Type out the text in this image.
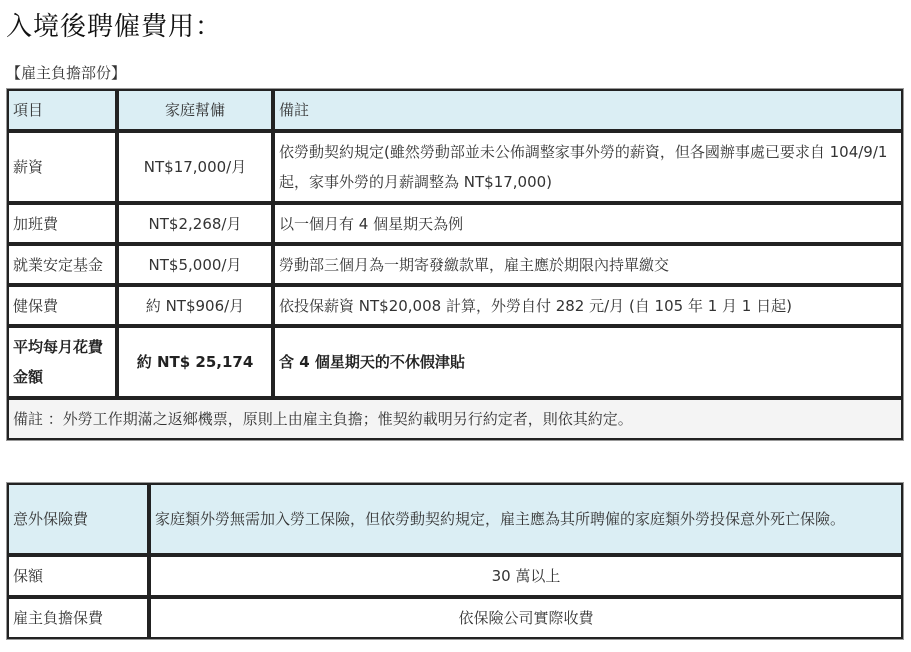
入境後聘僱費用：
【雇主負擔部份】
項目	家庭幫傭	備註
薪資	NT$17,000/月	依勞動契約規定(雖然勞動部並未公佈調整家事外勞的薪資，但各國辦事處已要求自 104/9/1 起，家事外勞的月薪調整為 NT$17,000)
加班費	NT$2,268/月	以一個月有 4 個星期天為例
就業安定基金	NT$5,000/月	勞動部三個月為一期寄發繳款單，雇主應於期限內持單繳交
健保費	約 NT$906/月	依投保薪資 NT$20,008 計算，外勞自付 282 元/月 (自 105 年 1 月 1 日起)
平均每月花費金額	約 NT$ 25,174	含 4 個星期天的不休假津貼
備註 ：外勞工作期滿之返鄉機票，原則上由雇主負擔；惟契約載明另行約定者，則依其約定。		
意外保險費	家庭類外勞無需加入勞工保險，但依勞動契約規定，雇主應為其所聘僱的家庭類外勞投保意外死亡保險。
保額	30 萬以上
雇主負擔保費	依保險公司實際收費
